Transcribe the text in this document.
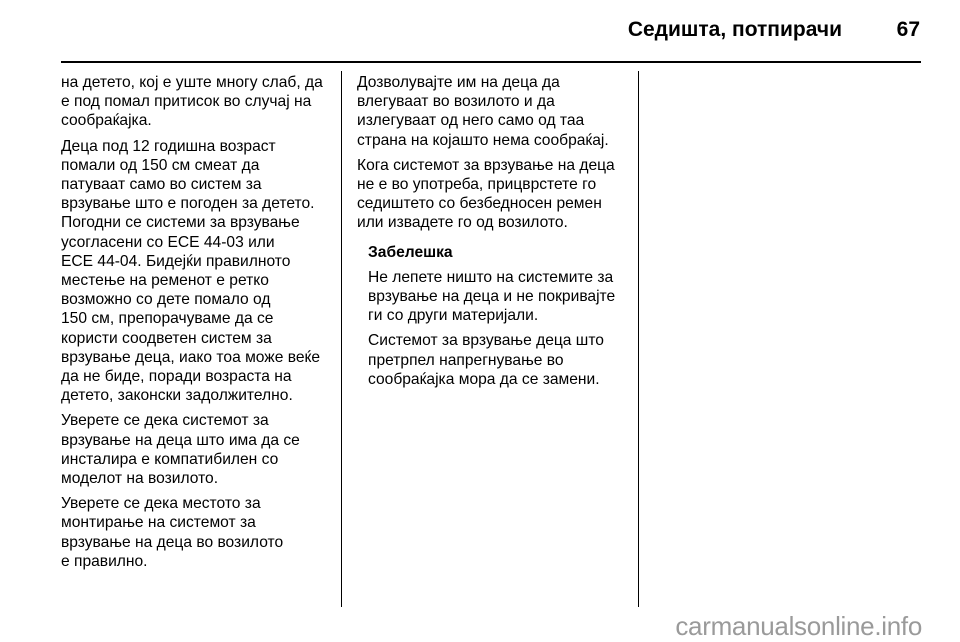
Седишта, потпирачи	67

на детето, кој е уште многу слаб, да
е под помал притисок во случај на
сообраќајка.

Деца под 12 годишна возраст
помали од 150 см смеат да
патуваат само во систем за
врзување што е погоден за детето.
Погодни се системи за врзување
усогласени со ECE 44-03 или
ECE 44-04. Бидејќи правилното
местење на ременот е ретко
возможно со дете помало од
150 см, препорачуваме да се
користи соодветен систем за
врзување деца, иако тоа може веќе
да не биде, поради возраста на
детето, законски задолжително.

Уверете се дека системот за
врзување на деца што има да се
инсталира е компатибилен со
моделот на возилото.

Уверете се дека местото за
монтирање на системот за
врзување на деца во возилото
е правилно.

Дозволувајте им на деца да
влегуваат во возилото и да
излегуваат од него само од таа
страна на којашто нема сообраќај.

Кога системот за врзување на деца
не е во употреба, прицврстете го
седиштето со безбедносен ремен
или извадете го од возилото.

Забелешка

Не лепете ништо на системите за
врзување на деца и не покривајте
ги со други материјали.

Системот за врзување деца што
претрпел напрегнување во
сообраќајка мора да се замени.

carmanualsonline.info
